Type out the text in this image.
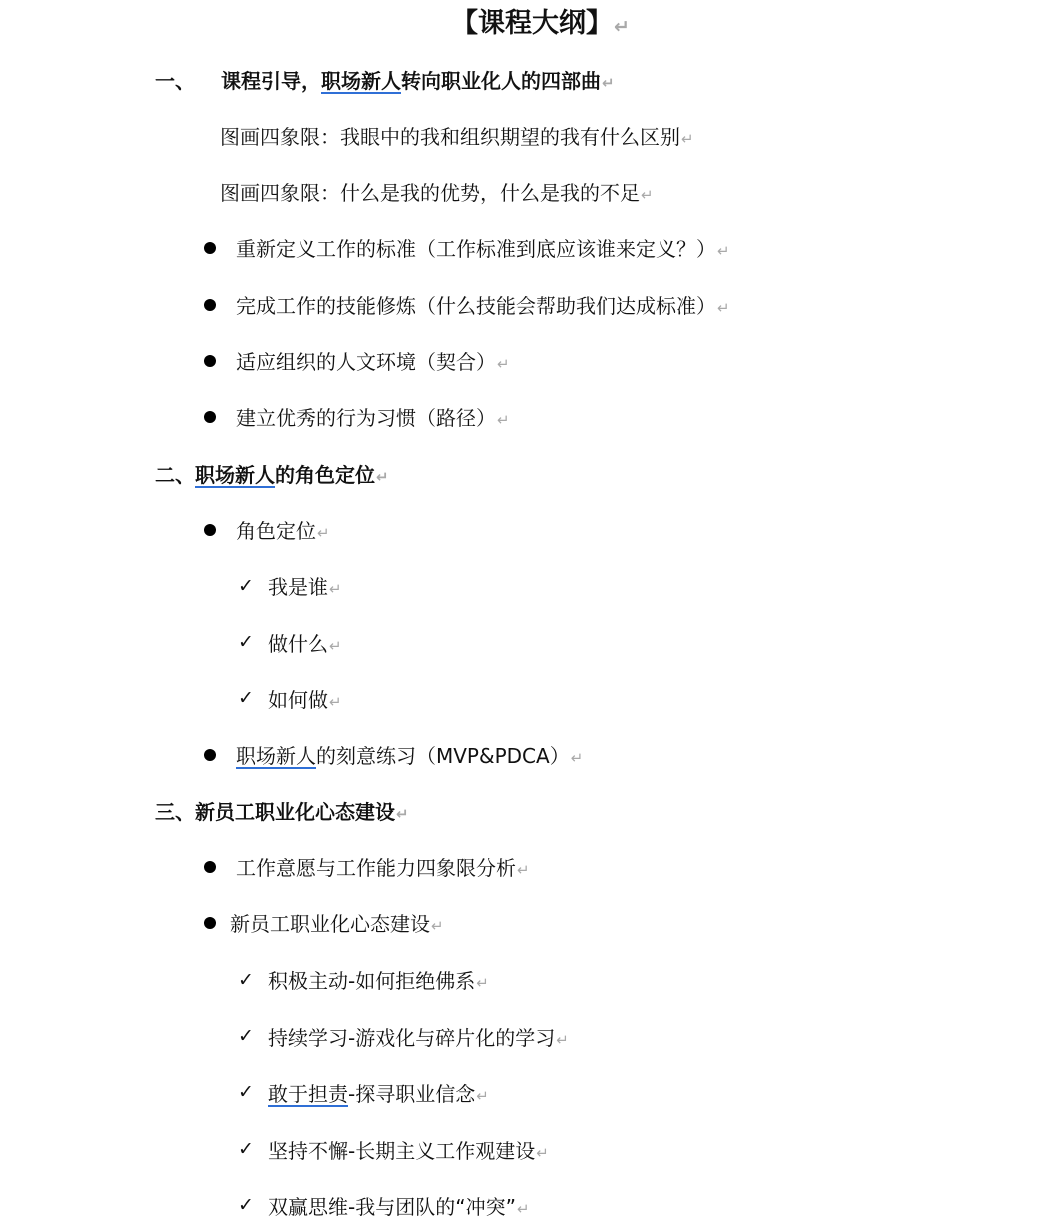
【课程大纲】 ↵
一、 课程引导， 职场新人 转向职业化人的四部曲 ↵
图画四象限：我眼中的我和组织期望的我有什么区别 ↵
图画四象限：什么是我的优势，什么是我的不足 ↵
重新定义工作的标准（工作标准到底应该谁来定义？） ↵
完成工作的技能修炼（什么技能会帮助我们达成标准） ↵
适应组织的人文环境（契合） ↵
建立优秀的行为习惯（路径） ↵
二、 职场新人 的角色定位 ↵
角色定位 ↵
✓ 我是谁 ↵
✓ 做什么 ↵
✓ 如何做 ↵
职场新人 的刻意练习（MVP&PDCA） ↵
三、 新员工职业化心态建设 ↵
工作意愿与工作能力四象限分析 ↵
新员工职业化心态建设 ↵
✓ 积极主动-如何拒绝佛系 ↵
✓ 持续学习-游戏化与碎片化的学习 ↵
✓ 敢于担责 -探寻职业信念 ↵
✓ 坚持不懈-长期主义工作观建设 ↵
✓ 双赢思维-我与团队的“冲突” ↵
